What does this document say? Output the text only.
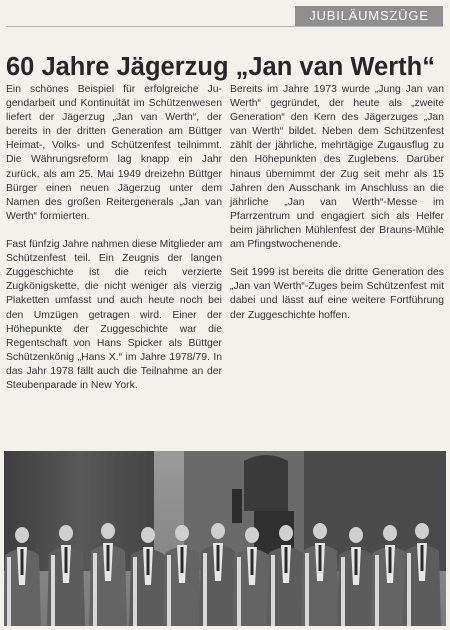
JUBILÄUMSZÜGE
60 Jahre Jägerzug „Jan van Werth“

Ein schönes Beispiel für erfolgreiche Jugendarbeit und Kontinuität im Schützenwesen liefert der Jägerzug „Jan van Werth“, der bereits in der dritten Generation am Büttger Heimat-, Volks- und Schützenfest teilnimmt. Die Währungsreform lag knapp ein Jahr zurück, als am 25. Mai 1949 dreizehn Büttger Bürger einen neuen Jägerzug unter dem Namen des großen Reitergenerals „Jan van Werth“ formierten.

Fast fünfzig Jahre nahmen diese Mitglieder am Schützenfest teil. Ein Zeugnis der langen Zuggeschichte ist die reich verzierte Zugkönigskette, die nicht weniger als vierzig Plaketten umfasst und auch heute noch bei den Umzügen getragen wird. Einer der Höhepunkte der Zuggeschichte war die Regentschaft von Hans Spicker als Büttger Schützenkönig „Hans X.“ im Jahre 1978/79. In das Jahr 1978 fällt auch die Teilnahme an der Steubenparade in New York.

Bereits im Jahre 1973 wurde „Jung Jan van Werth“ gegründet, der heute als „zweite Generation“ den Kern des Jägerzuges „Jan van Werth“ bildet. Neben dem Schützenfest zählt der jährliche, mehrtägige Zugausflug zu den Höhepunkten des Zuglebens. Darüber hinaus übernimmt der Zug seit mehr als 15 Jahren den Ausschank im Anschluss an die jährliche „Jan van Werth“-Messe im Pfarrzentrum und engagiert sich als Helfer beim jährlichen Mühlenfest der Brauns-Mühle am Pfingstwochenende.

Seit 1999 ist bereits die dritte Generation des „Jan van Werth“-Zuges beim Schützenfest mit dabei und lässt auf eine weitere Fortführung der Zuggeschichte hoffen.
